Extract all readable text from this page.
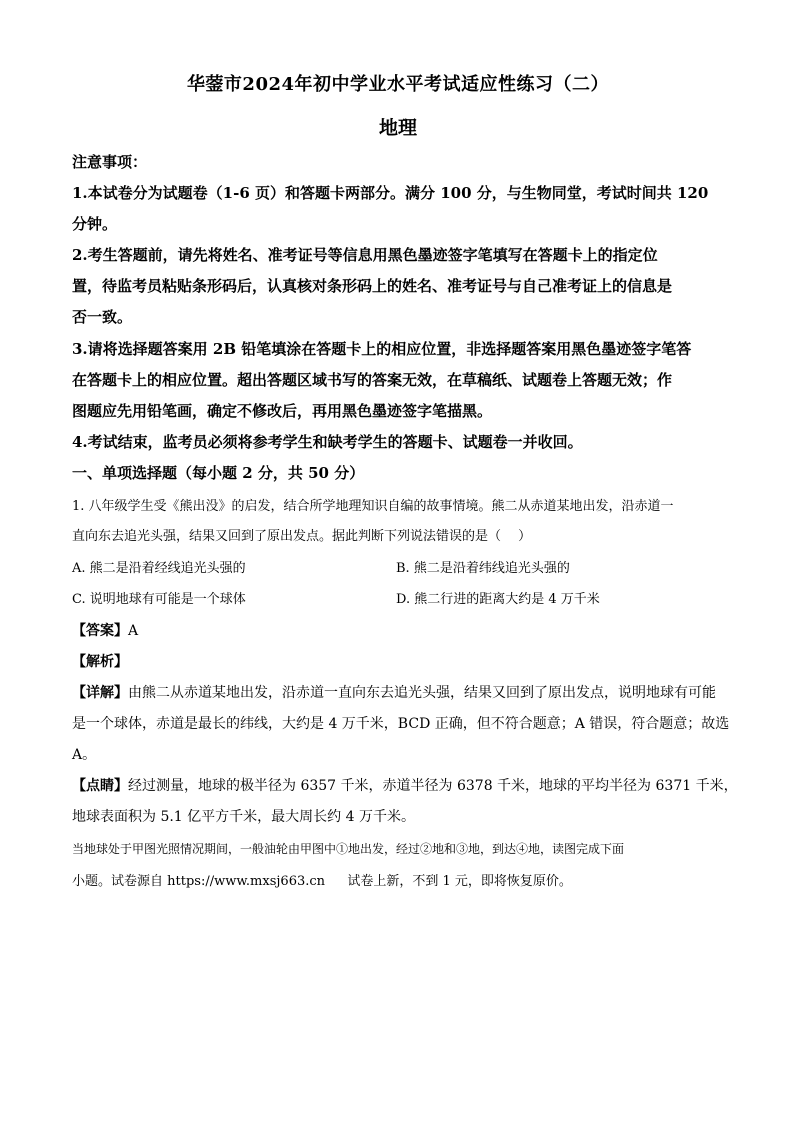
华蓥市2024年初中学业水平考试适应性练习（二）
地理
注意事项：
1.本试卷分为试题卷（1-6 页）和答题卡两部分。满分 100 分，与生物同堂，考试时间共 120
分钟。
2.考生答题前，请先将姓名、准考证号等信息用黑色墨迹签字笔填写在答题卡上的指定位
置，待监考员粘贴条形码后，认真核对条形码上的姓名、准考证号与自己准考证上的信息是
否一致。
3.请将选择题答案用 2B 铅笔填涂在答题卡上的相应位置，非选择题答案用黑色墨迹签字笔答
在答题卡上的相应位置。超出答题区域书写的答案无效，在草稿纸、试题卷上答题无效；作
图题应先用铅笔画，确定不修改后，再用黑色墨迹签字笔描黑。
4.考试结束，监考员必须将参考学生和缺考学生的答题卡、试题卷一并收回。
一、单项选择题（每小题 2 分，共 50 分）
1. 八年级学生受《熊出没》的启发，结合所学地理知识自编的故事情境。熊二从赤道某地出发，沿赤道一
直向东去追光头强，结果又回到了原出发点。据此判断下列说法错误的是（　 ）
A. 熊二是沿着经线追光头强的	B. 熊二是沿着纬线追光头强的
C. 说明地球有可能是一个球体	D. 熊二行进的距离大约是 4 万千米
【答案】A
【解析】
【详解】由熊二从赤道某地出发，沿赤道一直向东去追光头强，结果又回到了原出发点，说明地球有可能
是一个球体，赤道是最长的纬线，大约是 4 万千米，BCD 正确，但不符合题意；A 错误，符合题意；故选
A。
【点睛】经过测量，地球的极半径为 6357 千米，赤道半径为 6378 千米，地球的平均半径为 6371 千米，
地球表面积为 5.1 亿平方千米，最大周长约 4 万千米。
当地球处于甲图光照情况期间，一般油轮由甲图中①地出发，经过②地和③地，到达④地，读图完成下面
小题。试卷源自 https://www.mxsj663.cn 试卷上新，不到 1 元，即将恢复原价。
